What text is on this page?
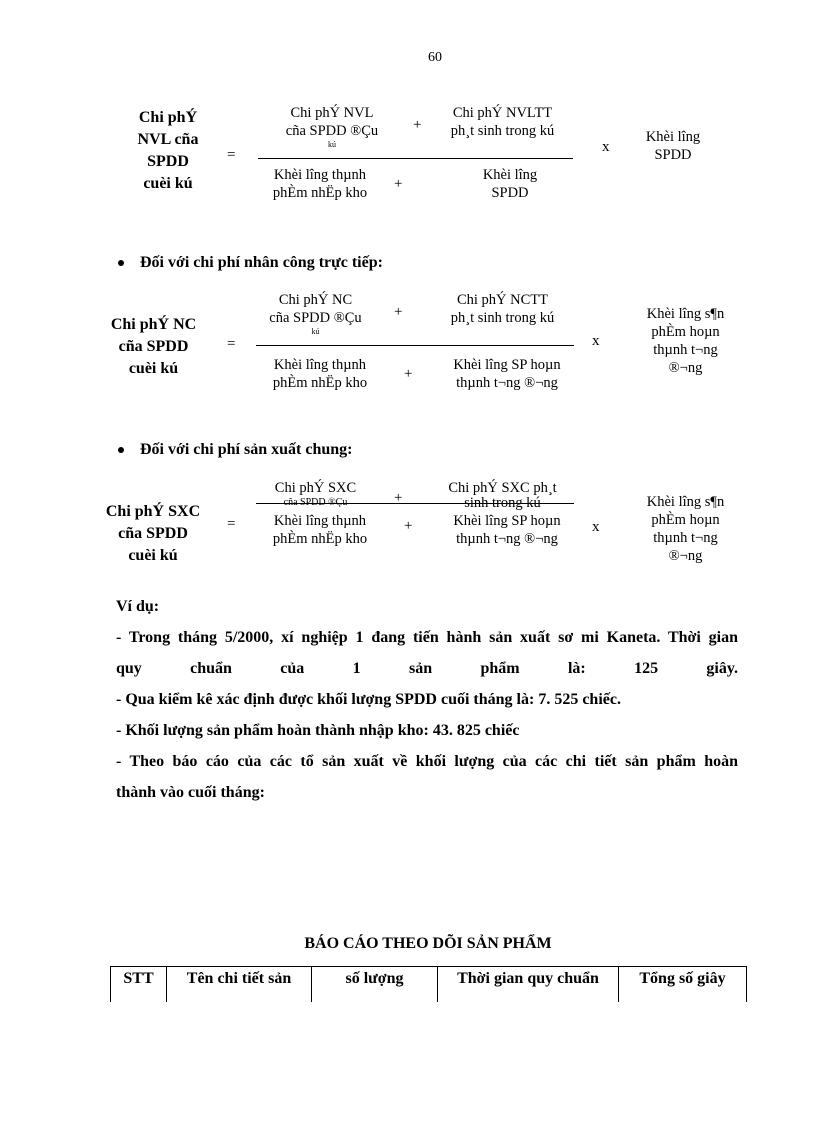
60
Chi phÝ
NVL cña
SPDD
cuèi kú
=
Chi phÝ NVL
cña SPDD ®Çu
kú
+
Chi phÝ NVLTT
ph¸t sinh trong kú
Khèi lîng thµnh
phÈm nhËp kho
+
Khèi lîng
SPDD
x
Khèi lîng
SPDD
Đối với chi phí nhân công trực tiếp:
Chi phÝ NC
cña SPDD
cuèi kú
=
Chi phÝ NC
cña SPDD ®Çu
kú
+
Chi phÝ NCTT
ph¸t sinh trong kú
Khèi lîng thµnh
phÈm nhËp kho
+
Khèi lîng SP hoµn
thµnh t¬ng ®¬ng
x
Khèi lîng s¶n
phÈm hoµn
thµnh t¬ng
®¬ng
Đối với chi phí sản xuất chung:
Chi phÝ SXC
cña SPDD
cuèi kú
=
Chi phÝ SXC
cña SPDD ®Çu	+
Chi phÝ SXC ph¸t
sinh trong kú
Khèi lîng thµnh
phÈm nhËp kho
+	Khèi lîng SP hoµn
thµnh t¬ng ®¬ng
x
Khèi lîng s¶n
phÈm hoµn
thµnh t¬ng
®¬ng
Ví dụ:
- Trong tháng 5/2000, xí nghiệp 1 đang tiến hành sản xuất sơ mi Kaneta. Thời gian
quy chuẩn của 1 sản phẩm là: 125 giây.
- Qua kiểm kê xác định được khối lượng SPDD cuối tháng là: 7. 525 chiếc.
- Khối lượng sản phẩm hoàn thành nhập kho: 43. 825 chiếc
- Theo báo cáo của các tổ sản xuất về khối lượng của các chi tiết sản phẩm hoàn
thành vào cuối tháng:
BÁO CÁO THEO DÕI SẢN PHẨM
STT	Tên chi tiết sản	số lượng	Thời gian quy chuẩn	Tổng số giây
